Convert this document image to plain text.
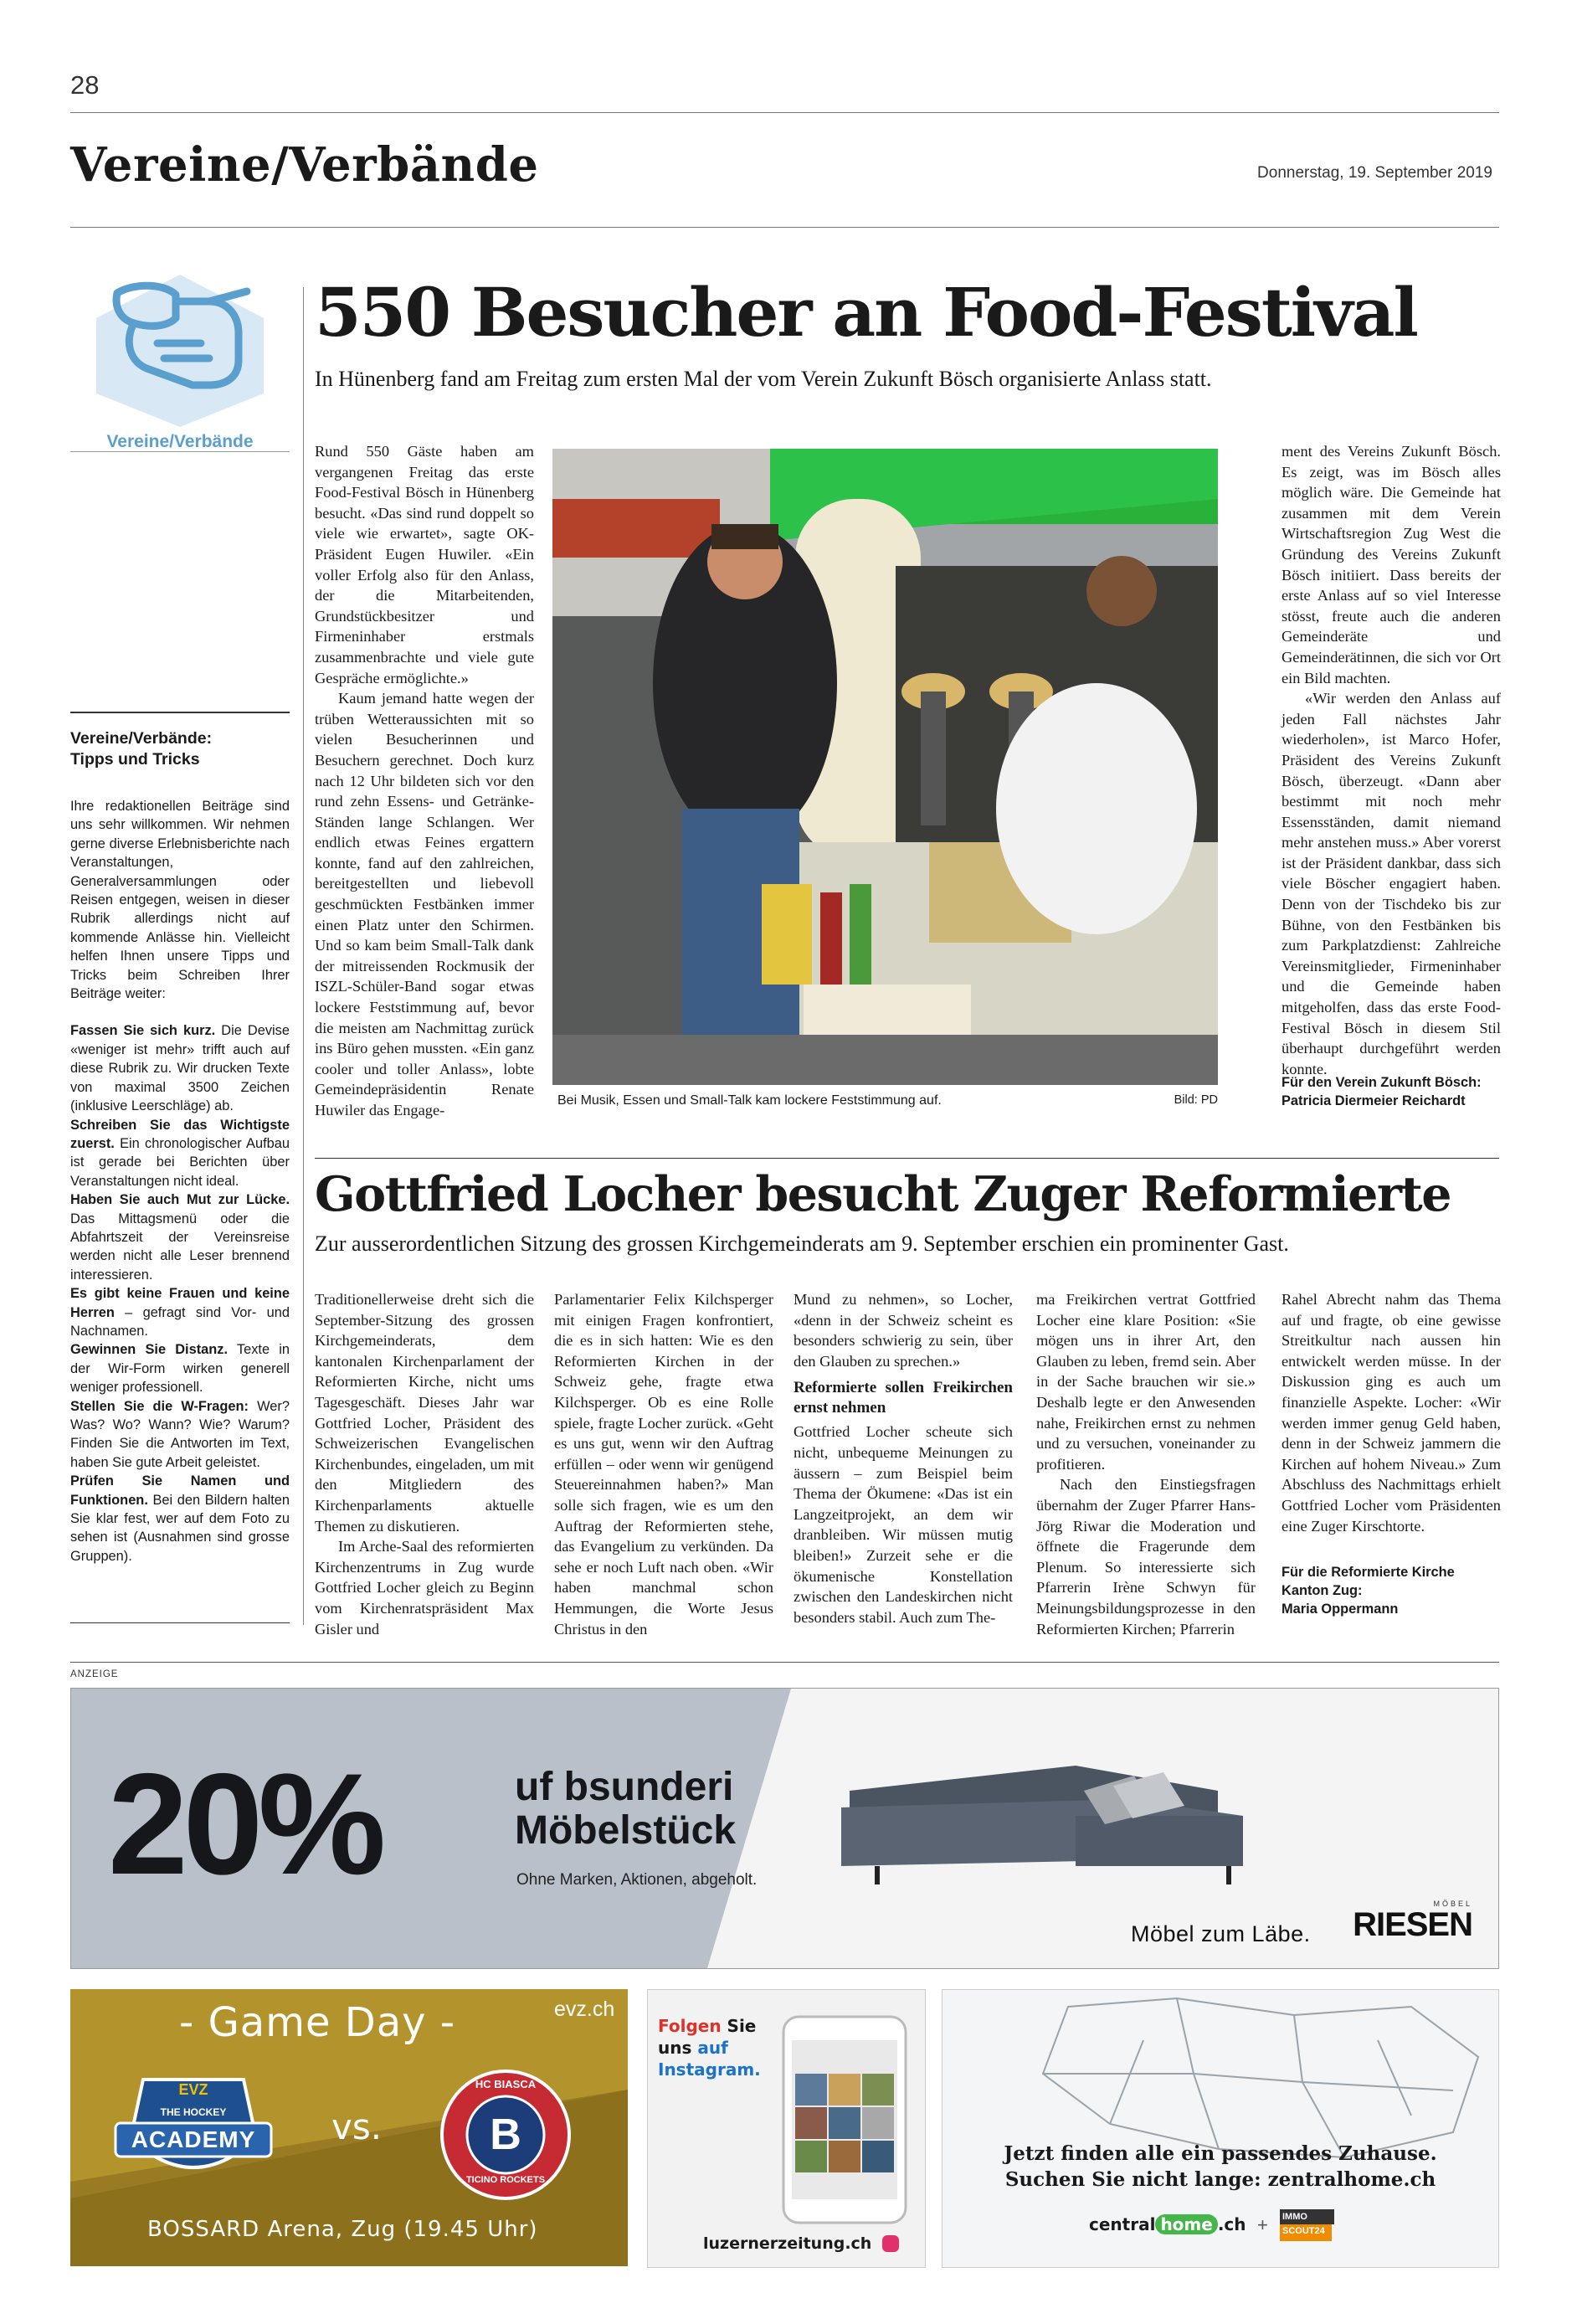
28
Vereine/Verbände	Donnerstag, 19. September 2019
Vereine/Verbände
Vereine/Verbände:
Tipps und Tricks

Ihre redaktionellen Beiträge sind uns sehr willkommen. Wir nehmen gerne diverse Erlebnisberichte nach Veranstaltungen, Generalversammlungen oder Reisen entgegen, weisen in dieser Rubrik allerdings nicht auf kommende Anlässe hin. Vielleicht helfen Ihnen unsere Tipps und Tricks beim Schreiben Ihrer Beiträge weiter:

Fassen Sie sich kurz. Die Devise «weniger ist mehr» trifft auch auf diese Rubrik zu. Wir drucken Texte von maximal 3500 Zeichen (inklusive Leerschläge) ab.
Schreiben Sie das Wichtigste zuerst. Ein chronologischer Aufbau ist gerade bei Berichten über Veranstaltungen nicht ideal.
Haben Sie auch Mut zur Lücke. Das Mittagsmenü oder die Abfahrtszeit der Vereinsreise werden nicht alle Leser brennend interessieren.
Es gibt keine Frauen und keine Herren – gefragt sind Vor- und Nachnamen.
Gewinnen Sie Distanz. Texte in der Wir-Form wirken generell weniger professionell.
Stellen Sie die W-Fragen: Wer? Was? Wo? Wann? Wie? Warum? Finden Sie die Antworten im Text, haben Sie gute Arbeit geleistet.
Prüfen Sie Namen und Funktionen. Bei den Bildern halten Sie klar fest, wer auf dem Foto zu sehen ist (Ausnahmen sind grosse Gruppen).
550 Besucher an Food-Festival
In Hünenberg fand am Freitag zum ersten Mal der vom Verein Zukunft Bösch organisierte Anlass statt.

Rund 550 Gäste haben am vergangenen Freitag das erste Food-Festival Bösch in Hünenberg besucht. «Das sind rund doppelt so viele wie erwartet», sagte OK-Präsident Eugen Huwiler. «Ein voller Erfolg also für den Anlass, der die Mitarbeitenden, Grundstückbesitzer und Firmeninhaber erstmals zusammenbrachte und viele gute Gespräche ermöglichte.»

Kaum jemand hatte wegen der trüben Wetteraussichten mit so vielen Besucherinnen und Besuchern gerechnet. Doch kurz nach 12 Uhr bildeten sich vor den rund zehn Essens- und Getränke-Ständen lange Schlangen. Wer endlich etwas Feines ergattern konnte, fand auf den zahlreichen, bereitgestellten und liebevoll geschmückten Festbänken immer einen Platz unter den Schirmen. Und so kam beim Small-Talk dank der mitreissenden Rockmusik der ISZL-Schüler-Band sogar etwas lockere Feststimmung auf, bevor die meisten am Nachmittag zurück ins Büro gehen mussten. «Ein ganz cooler und toller Anlass», lobte Gemeindepräsidentin Renate Huwiler das Engage-

Bei Musik, Essen und Small-Talk kam lockere Feststimmung auf.	Bild: PD

ment des Vereins Zukunft Bösch. Es zeigt, was im Bösch alles möglich wäre. Die Gemeinde hat zusammen mit dem Verein Wirtschaftsregion Zug West die Gründung des Vereins Zukunft Bösch initiiert. Dass bereits der erste Anlass auf so viel Interesse stösst, freute auch die anderen Gemeinderäte und Gemeinderätinnen, die sich vor Ort ein Bild machten.

«Wir werden den Anlass auf jeden Fall nächstes Jahr wiederholen», ist Marco Hofer, Präsident des Vereins Zukunft Bösch, überzeugt. «Dann aber bestimmt mit noch mehr Essensständen, damit niemand mehr anstehen muss.» Aber vorerst ist der Präsident dankbar, dass sich viele Böscher engagiert haben. Denn von der Tischdeko bis zur Bühne, von den Festbänken bis zum Parkplatzdienst: Zahlreiche Vereinsmitglieder, Firmeninhaber und die Gemeinde haben mitgeholfen, dass das erste Food-Festival Bösch in diesem Stil überhaupt durchgeführt werden konnte.

Für den Verein Zukunft Bösch:
Patricia Diermeier Reichardt
Gottfried Locher besucht Zuger Reformierte
Zur ausserordentlichen Sitzung des grossen Kirchgemeinderats am 9. September erschien ein prominenter Gast.

Traditionellerweise dreht sich die September-Sitzung des grossen Kirchgemeinderats, dem kantonalen Kirchenparlament der Reformierten Kirche, nicht ums Tagesgeschäft. Dieses Jahr war Gottfried Locher, Präsident des Schweizerischen Evangelischen Kirchenbundes, eingeladen, um mit den Mitgliedern des Kirchenparlaments aktuelle Themen zu diskutieren.

Im Arche-Saal des reformierten Kirchenzentrums in Zug wurde Gottfried Locher gleich zu Beginn vom Kirchenratspräsident Max Gisler und

Parlamentarier Felix Kilchsperger mit einigen Fragen konfrontiert, die es in sich hatten: Wie es den Reformierten Kirchen in der Schweiz gehe, fragte etwa Kilchsperger. Ob es eine Rolle spiele, fragte Locher zurück. «Geht es uns gut, wenn wir den Auftrag erfüllen – oder wenn wir genügend Steuereinnahmen haben?» Man solle sich fragen, wie es um den Auftrag der Reformierten stehe, das Evangelium zu verkünden. Da sehe er noch Luft nach oben. «Wir haben manchmal schon Hemmungen, die Worte Jesus Christus in den

Mund zu nehmen», so Locher, «denn in der Schweiz scheint es besonders schwierig zu sein, über den Glauben zu sprechen.»

Reformierte sollen Freikirchen ernst nehmen

Gottfried Locher scheute sich nicht, unbequeme Meinungen zu äussern – zum Beispiel beim Thema der Ökumene: «Das ist ein Langzeitprojekt, an dem wir dranbleiben. Wir müssen mutig bleiben!» Zurzeit sehe er die ökumenische Konstellation zwischen den Landeskirchen nicht besonders stabil. Auch zum The-

ma Freikirchen vertrat Gottfried Locher eine klare Position: «Sie mögen uns in ihrer Art, den Glauben zu leben, fremd sein. Aber in der Sache brauchen wir sie.» Deshalb legte er den Anwesenden nahe, Freikirchen ernst zu nehmen und zu versuchen, voneinander zu profitieren.

Nach den Einstiegsfragen übernahm der Zuger Pfarrer Hans-Jörg Riwar die Moderation und öffnete die Fragerunde dem Plenum. So interessierte sich Pfarrerin Irène Schwyn für Meinungsbildungsprozesse in den Reformierten Kirchen; Pfarrerin

Rahel Abrecht nahm das Thema auf und fragte, ob eine gewisse Streitkultur nach aussen hin entwickelt werden müsse. In der Diskussion ging es auch um finanzielle Aspekte. Locher: «Wir werden immer genug Geld haben, denn in der Schweiz jammern die Kirchen auf hohem Niveau.» Zum Abschluss des Nachmittags erhielt Gottfried Locher vom Präsidenten eine Zuger Kirschtorte.

Für die Reformierte Kirche
Kanton Zug:
Maria Oppermann
ANZEIGE
20%	uf bsunderi
Möbelstück
Ohne Marken, Aktionen, abgeholt.
Möbel zum Läbe.
MÖBEL
RIESEN
- Game Day -	evz.ch
EVZ
THE HOCKEY
ACADEMY	vs.
HC BIASCA
B
TICINO ROCKETS
BOSSARD Arena, Zug (19.45 Uhr)
Folgen Sie
uns auf
Instagram.
luzernerzeitung.ch
Jetzt finden alle ein passendes Zuhause.
Suchen Sie nicht lange: zentralhome.ch
central home .ch + IMMO
SCOUT24
